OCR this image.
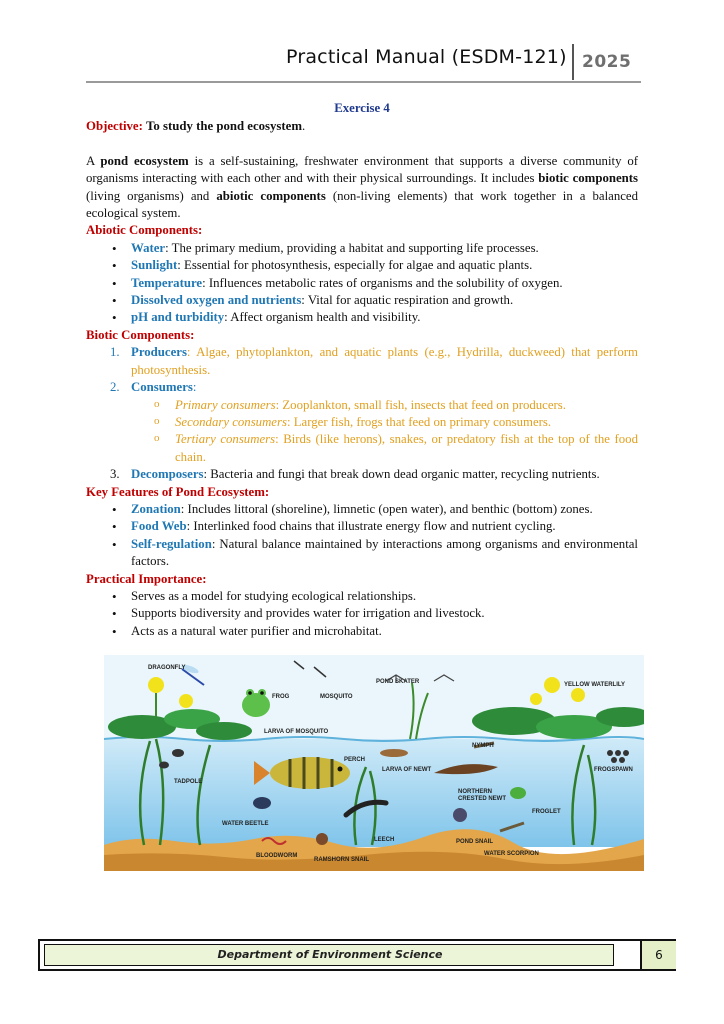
Practical Manual (ESDM-121) 2025

Exercise 4

Objective: To study the pond ecosystem.

A pond ecosystem is a self-sustaining, freshwater environment that supports a diverse community of organisms interacting with each other and with their physical surroundings. It includes biotic components (living organisms) and abiotic components (non-living elements) that work together in a balanced ecological system.

Abiotic Components:

• Water: The primary medium, providing a habitat and supporting life processes.
• Sunlight: Essential for photosynthesis, especially for algae and aquatic plants.
• Temperature: Influences metabolic rates of organisms and the solubility of oxygen.
• Dissolved oxygen and nutrients: Vital for aquatic respiration and growth.
• pH and turbidity: Affect organism health and visibility.

Biotic Components:

1. Producers: Algae, phytoplankton, and aquatic plants (e.g., Hydrilla, duckweed) that perform photosynthesis.
2. Consumers:
o Primary consumers: Zooplankton, small fish, insects that feed on producers.
o Secondary consumers: Larger fish, frogs that feed on primary consumers.
o Tertiary consumers: Birds (like herons), snakes, or predatory fish at the top of the food chain.
3. Decomposers: Bacteria and fungi that break down dead organic matter, recycling nutrients.

Key Features of Pond Ecosystem:

• Zonation: Includes littoral (shoreline), limnetic (open water), and benthic (bottom) zones.
• Food Web: Interlinked food chains that illustrate energy flow and nutrient cycling.
• Self-regulation: Natural balance maintained by interactions among organisms and environmental factors.

Practical Importance:

• Serves as a model for studying ecological relationships.
• Supports biodiversity and provides water for irrigation and livestock.
• Acts as a natural water purifier and microhabitat.
DRAGONFLY
FROG	MOSQUITO
POND SKATER	YELLOW WATERLILY
LARVA OF MOSQUITO
PERCH
NYMPH
LARVA OF NEWT	FROGSPAWN
TADPOLE
NORTHERN CRESTED NEWT
FROGLET
WATER BEETLE
LEECH	POND SNAIL
BLOODWORM
RAMSHORN SNAIL
WATER SCORPION
Department of Environment Science	6
